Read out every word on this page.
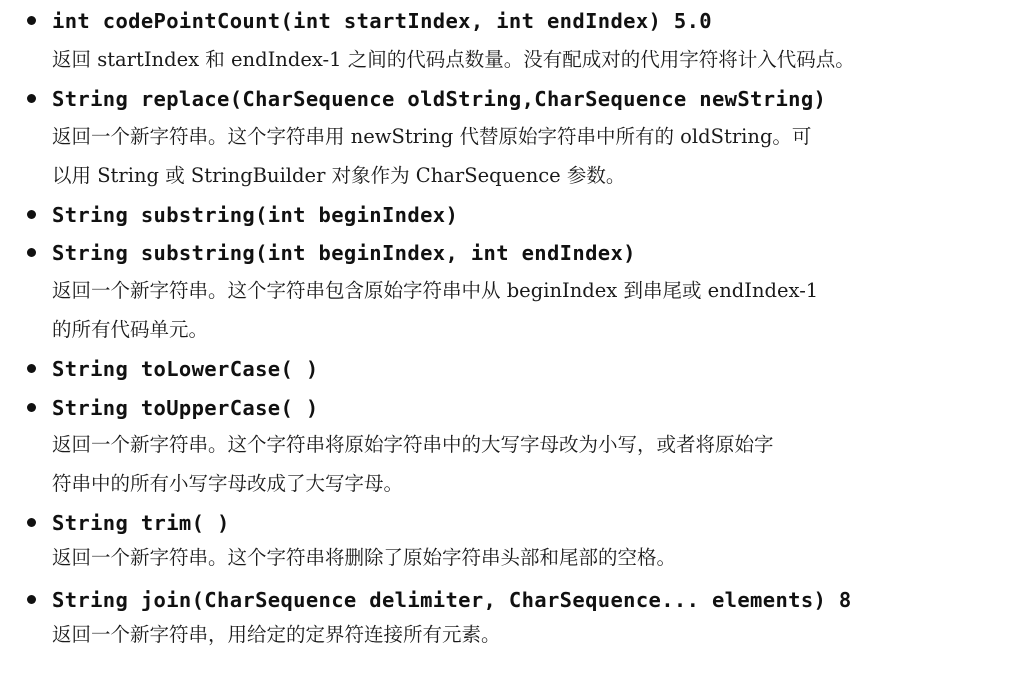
int codePointCount(int startIndex, int endIndex) 5.0
返回 startIndex 和 endIndex-1 之间的代码点数量。没有配成对的代用字符将计入代码点。
String replace(CharSequence oldString,CharSequence newString)
返回一个新字符串。这个字符串用 newString 代替原始字符串中所有的 oldString。可
以用 String 或 StringBuilder 对象作为 CharSequence 参数。
String substring(int beginIndex)
String substring(int beginIndex, int endIndex)
返回一个新字符串。这个字符串包含原始字符串中从 beginIndex 到串尾或 endIndex-1
的所有代码单元。
String toLowerCase( )
String toUpperCase( )
返回一个新字符串。这个字符串将原始字符串中的大写字母改为小写，或者将原始字
符串中的所有小写字母改成了大写字母。
String trim( )
返回一个新字符串。这个字符串将删除了原始字符串头部和尾部的空格。
String join(CharSequence delimiter, CharSequence... elements) 8
返回一个新字符串，用给定的定界符连接所有元素。
